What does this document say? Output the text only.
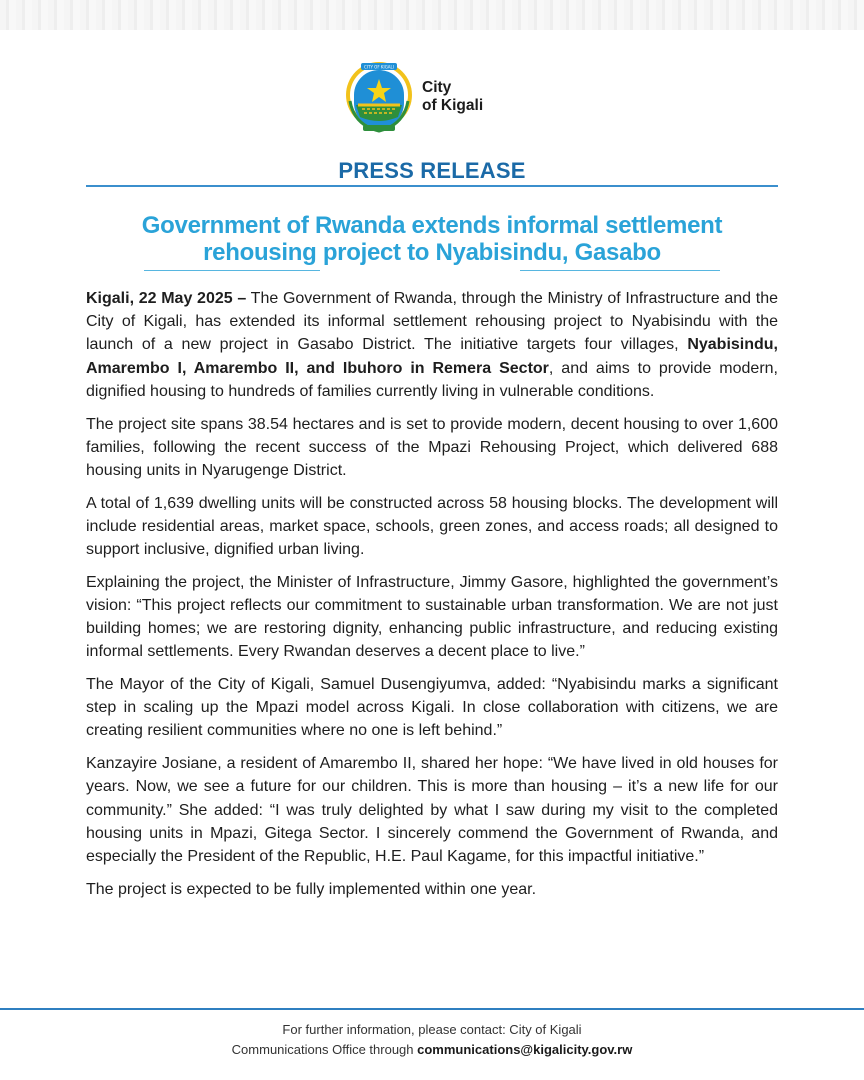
CITY OF KIGALI
City
of Kigali
PRESS RELEASE
Government of Rwanda extends informal settlement rehousing project to Nyabisindu, Gasabo

Kigali, 22 May 2025 – The Government of Rwanda, through the Ministry of Infrastructure and the City of Kigali, has extended its informal settlement rehousing project to Nyabisindu with the launch of a new project in Gasabo District. The initiative targets four villages, Nyabisindu, Amarembo I, Amarembo II, and Ibuhoro in Remera Sector, and aims to provide modern, dignified housing to hundreds of families currently living in vulnerable conditions.

The project site spans 38.54 hectares and is set to provide modern, decent housing to over 1,600 families, following the recent success of the Mpazi Rehousing Project, which delivered 688 housing units in Nyarugenge District.

A total of 1,639 dwelling units will be constructed across 58 housing blocks. The development will include residential areas, market space, schools, green zones, and access roads; all designed to support inclusive, dignified urban living.

Explaining the project, the Minister of Infrastructure, Jimmy Gasore, highlighted the government’s vision: “This project reflects our commitment to sustainable urban transformation. We are not just building homes; we are restoring dignity, enhancing public infrastructure, and reducing existing informal settlements. Every Rwandan deserves a decent place to live.”

The Mayor of the City of Kigali, Samuel Dusengiyumva, added: “Nyabisindu marks a significant step in scaling up the Mpazi model across Kigali. In close collaboration with citizens, we are creating resilient communities where no one is left behind.”

Kanzayire Josiane, a resident of Amarembo II, shared her hope: “We have lived in old houses for years. Now, we see a future for our children. This is more than housing – it’s a new life for our community.” She added: “I was truly delighted by what I saw during my visit to the completed housing units in Mpazi, Gitega Sector. I sincerely commend the Government of Rwanda, and especially the President of the Republic, H.E. Paul Kagame, for this impactful initiative.”

The project is expected to be fully implemented within one year.

For further information, please contact: City of Kigali
Communications Office through communications@kigalicity.gov.rw
